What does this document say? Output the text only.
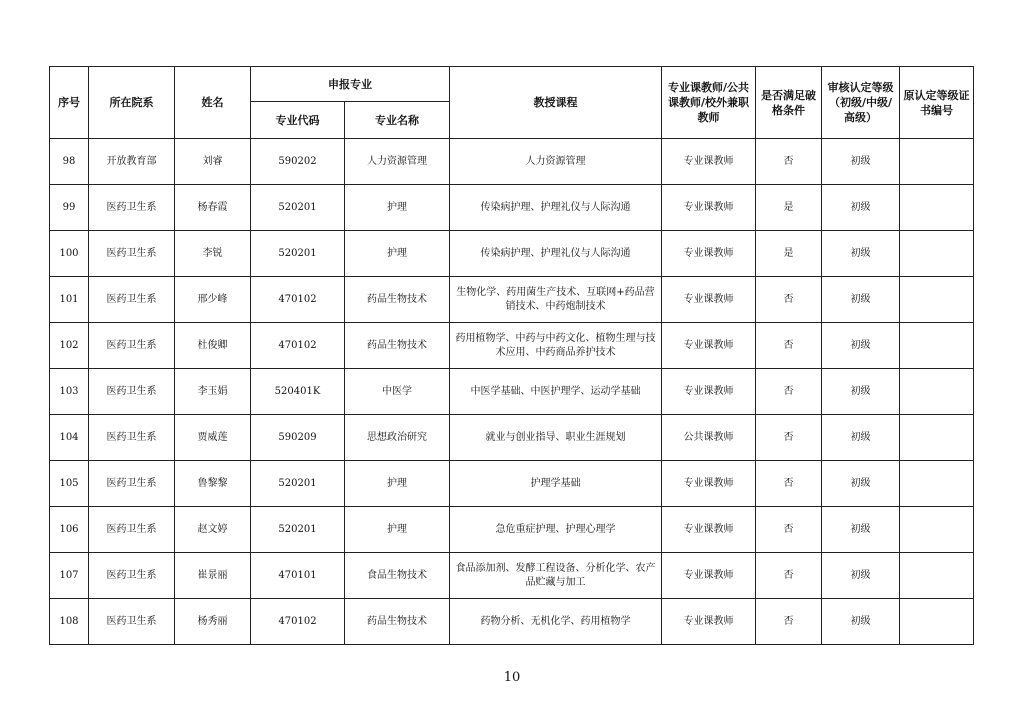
序号	所在院系	姓名	申报专业		教授课程	专业课教师/公共课教师/校外兼职教师	是否满足破格条件	审核认定等级（初级/中级/高级）	原认定等级证书编号
			专业代码	专业名称					
98	开放教育部	刘睿	590202	人力资源管理	人力资源管理	专业课教师	否	初级	
99	医药卫生系	杨春霞	520201	护理	传染病护理、护理礼仪与人际沟通	专业课教师	是	初级	
100	医药卫生系	李锐	520201	护理	传染病护理、护理礼仪与人际沟通	专业课教师	是	初级	
101	医药卫生系	邢少峰	470102	药品生物技术	生物化学、药用菌生产技术、互联网+药品营销技术、中药炮制技术	专业课教师	否	初级	
102	医药卫生系	杜俊卿	470102	药品生物技术	药用植物学、中药与中药文化、植物生理与技术应用、中药商品养护技术	专业课教师	否	初级	
103	医药卫生系	李玉娟	520401K	中医学	中医学基础、中医护理学、运动学基础	专业课教师	否	初级	
104	医药卫生系	贾威莲	590209	思想政治研究	就业与创业指导、职业生涯规划	公共课教师	否	初级	
105	医药卫生系	鲁黎黎	520201	护理	护理学基础	专业课教师	否	初级	
106	医药卫生系	赵文婷	520201	护理	急危重症护理、护理心理学	专业课教师	否	初级	
107	医药卫生系	崔景丽	470101	食品生物技术	食品添加剂、发酵工程设备、分析化学、农产品贮藏与加工	专业课教师	否	初级	
108	医药卫生系	杨秀丽	470102	药品生物技术	药物分析、无机化学、药用植物学	专业课教师	否	初级	
10
